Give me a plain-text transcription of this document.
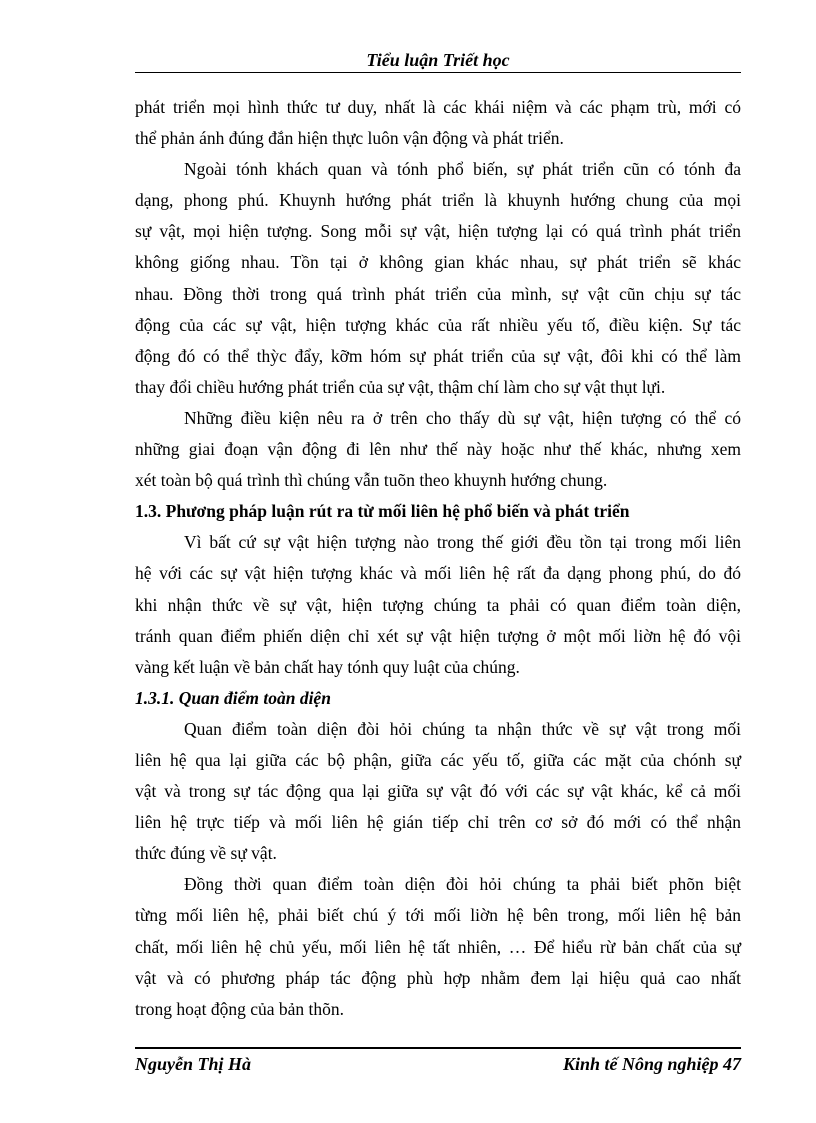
Tiểu luận Triết học
phát triển mọi hình thức tư duy, nhất là các khái niệm và các phạm trù, mới có
thể phản ánh đúng đắn hiện thực luôn vận động và phát triển.
Ngoài tónh khách quan và tónh phổ biến, sự phát triển cũn có tónh đa
dạng, phong phú. Khuynh hướng phát triển là khuynh hướng chung của mọi
sự vật, mọi hiện tượng. Song mỗi sự vật, hiện tượng lại có quá trình phát triển
không giống nhau. Tồn tại ở không gian khác nhau, sự phát triển sẽ khác
nhau. Đồng thời trong quá trình phát triển của mình, sự vật cũn chịu sự tác
động của các sự vật, hiện tượng khác của rất nhiều yếu tố, điều kiện. Sự tác
động đó có thể thỳc đẩy, kỡm hóm sự phát triển của sự vật, đôi khi có thể làm
thay đổi chiều hướng phát triển của sự vật, thậm chí làm cho sự vật thụt lựi.
Những điều kiện nêu ra ở trên cho thấy dù sự vật, hiện tượng có thể có
những giai đoạn vận động đi lên như thế này hoặc như thế khác, nhưng xem
xét toàn bộ quá trình thì chúng vẫn tuõn theo khuynh hướng chung.
1.3. Phương pháp luận rút ra từ mối liên hệ phổ biến và phát triển
Vì bất cứ sự vật hiện tượng nào trong thế giới đều tồn tại trong mối liên
hệ với các sự vật hiện tượng khác và mối liên hệ rất đa dạng phong phú, do đó
khi nhận thức về sự vật, hiện tượng chúng ta phải có quan điểm toàn diện,
tránh quan điểm phiến diện chỉ xét sự vật hiện tượng ở một mối liờn hệ đó vội
vàng kết luận về bản chất hay tónh quy luật của chúng.
1.3.1. Quan điểm toàn diện
Quan điểm toàn diện đòi hỏi chúng ta nhận thức về sự vật trong mối
liên hệ qua lại giữa các bộ phận, giữa các yếu tố, giữa các mặt của chónh sự
vật và trong sự tác động qua lại giữa sự vật đó với các sự vật khác, kể cả mối
liên hệ trực tiếp và mối liên hệ gián tiếp chỉ trên cơ sở đó mới có thể nhận
thức đúng về sự vật.
Đồng thời quan điểm toàn diện đòi hỏi chúng ta phải biết phõn biệt
từng mối liên hệ, phải biết chú ý tới mối liờn hệ bên trong, mối liên hệ bản
chất, mối liên hệ chủ yếu, mối liên hệ tất nhiên, … Để hiểu rừ bản chất của sự
vật và có phương pháp tác động phù hợp nhằm đem lại hiệu quả cao nhất
trong hoạt động của bản thõn.
Nguyễn Thị Hà	Kinh tế Nông nghiệp 47
